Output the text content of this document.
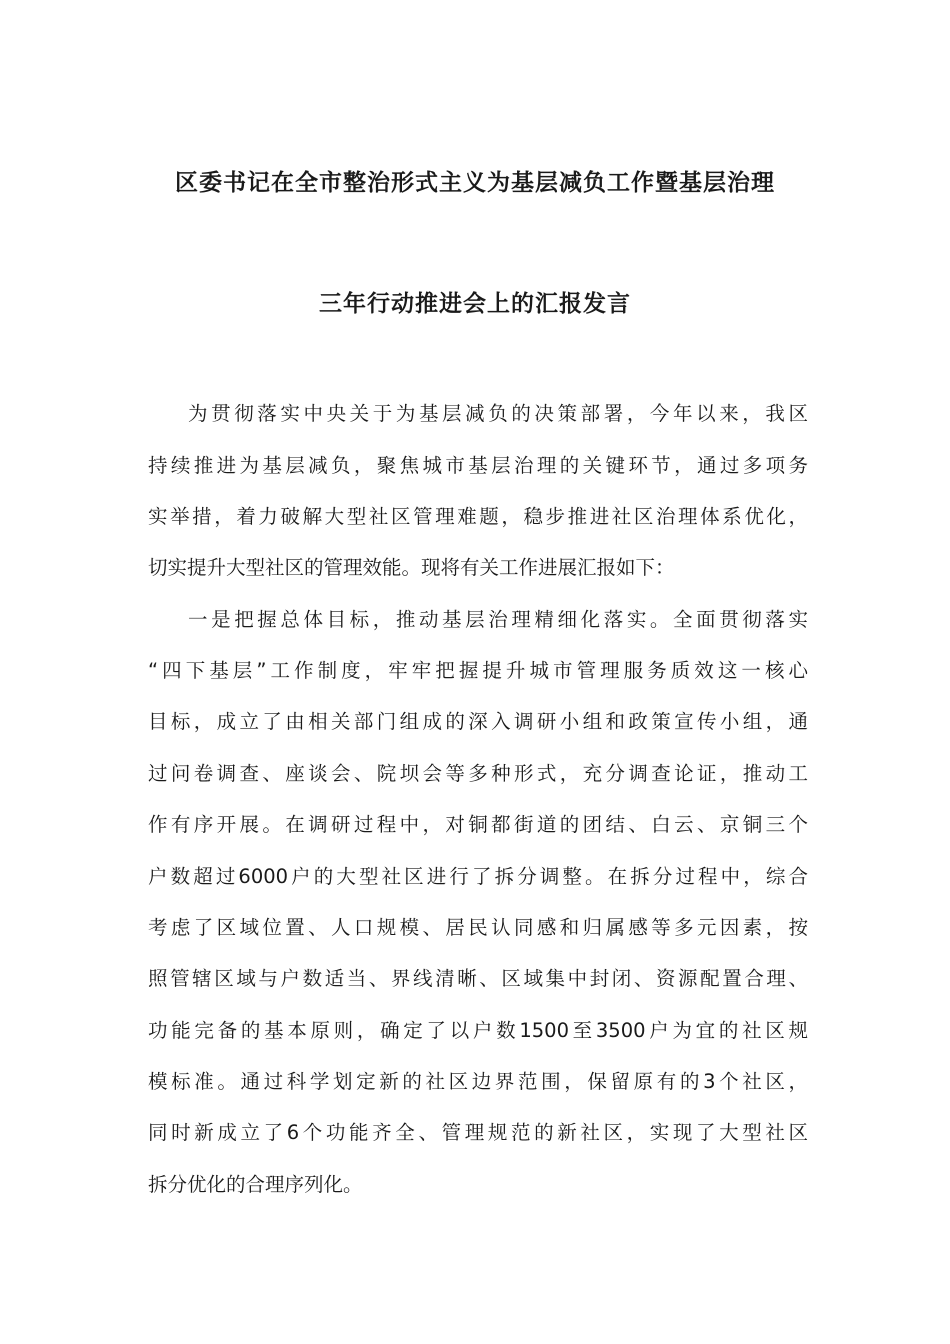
区委书记在全市整治形式主义为基层减负工作暨基层治理
三年行动推进会上的汇报发言

为贯彻落实中央关于为基层减负的决策部署，今年以来，我区

持续推进为基层减负，聚焦城市基层治理的关键环节，通过多项务

实举措，着力破解大型社区管理难题，稳步推进社区治理体系优化，

切实提升大型社区的管理效能。现将有关工作进展汇报如下：

一是把握总体目标，推动基层治理精细化落实。全面贯彻落实

“四下基层”工作制度，牢牢把握提升城市管理服务质效这一核心

目标，成立了由相关部门组成的深入调研小组和政策宣传小组，通

过问卷调查、座谈会、院坝会等多种形式，充分调查论证，推动工

作有序开展。在调研过程中，对铜都街道的团结、白云、京铜三个

户数超过6000户的大型社区进行了拆分调整。在拆分过程中，综合

考虑了区域位置、人口规模、居民认同感和归属感等多元因素，按

照管辖区域与户数适当、界线清晰、区域集中封闭、资源配置合理、

功能完备的基本原则，确定了以户数1500至3500户为宜的社区规

模标准。通过科学划定新的社区边界范围，保留原有的3个社区，

同时新成立了6个功能齐全、管理规范的新社区，实现了大型社区

拆分优化的合理序列化。
